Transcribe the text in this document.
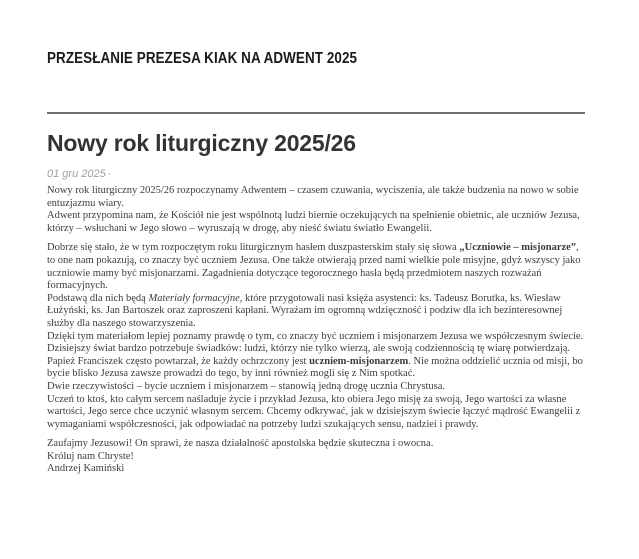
PRZESŁANIE PREZESA KIAK NA ADWENT 2025
Nowy rok liturgiczny 2025/26
01 gru 2025 ·

Nowy rok liturgiczny 2025/26 rozpoczynamy Adwentem – czasem czuwania, wyciszenia, ale także budzenia na nowo w sobie entuzjazmu wiary.
Adwent przypomina nam, że Kościół nie jest wspólnotą ludzi biernie oczekujących na spełnienie obietnic, ale uczniów Jezusa, którzy – wsłuchani w Jego słowo – wyruszają w drogę, aby nieść światu światło Ewangelii.

Dobrze się stało, że w tym rozpoczętym roku liturgicznym hasłem duszpasterskim stały się słowa „Uczniowie – misjonarze”, to one nam pokazują, co znaczy być uczniem Jezusa. One także otwierają przed nami wielkie pole misyjne, gdyż wszyscy jako uczniowie mamy być misjonarzami. Zagadnienia dotyczące tegorocznego hasła będą przedmiotem naszych rozważań formacyjnych.
Podstawą dla nich będą Materiały formacyjne, które przygotowali nasi księża asystenci: ks. Tadeusz Borutka, ks. Wiesław Łużyński, ks. Jan Bartoszek oraz zaproszeni kapłani. Wyrażam im ogromną wdzięczność i podziw dla ich bezinteresownej służby dla naszego stowarzyszenia.
Dzięki tym materiałom lepiej poznamy prawdę o tym, co znaczy być uczniem i misjonarzem Jezusa we współczesnym świecie.
Dzisiejszy świat bardzo potrzebuje świadków: ludzi, którzy nie tylko wierzą, ale swoją codziennością tę wiarę potwierdzają. Papież Franciszek często powtarzał, że każdy ochrzczony jest uczniem-misjonarzem. Nie można oddzielić ucznia od misji, bo bycie blisko Jezusa zawsze prowadzi do tego, by inni również mogli się z Nim spotkać.
Dwie rzeczywistości – bycie uczniem i misjonarzem – stanowią jedną drogę ucznia Chrystusa.
Uczeń to ktoś, kto całym sercem naśladuje życie i przykład Jezusa, kto obiera Jego misję za swoją, Jego wartości za własne wartości, Jego serce chce uczynić własnym sercem. Chcemy odkrywać, jak w dzisiejszym świecie łączyć mądrość Ewangelii z wymaganiami współczesności, jak odpowiadać na potrzeby ludzi szukających sensu, nadziei i prawdy.

Zaufajmy Jezusowi! On sprawi, że nasza działalność apostolska będzie skuteczna i owocna.
Króluj nam Chryste!
Andrzej Kamiński
